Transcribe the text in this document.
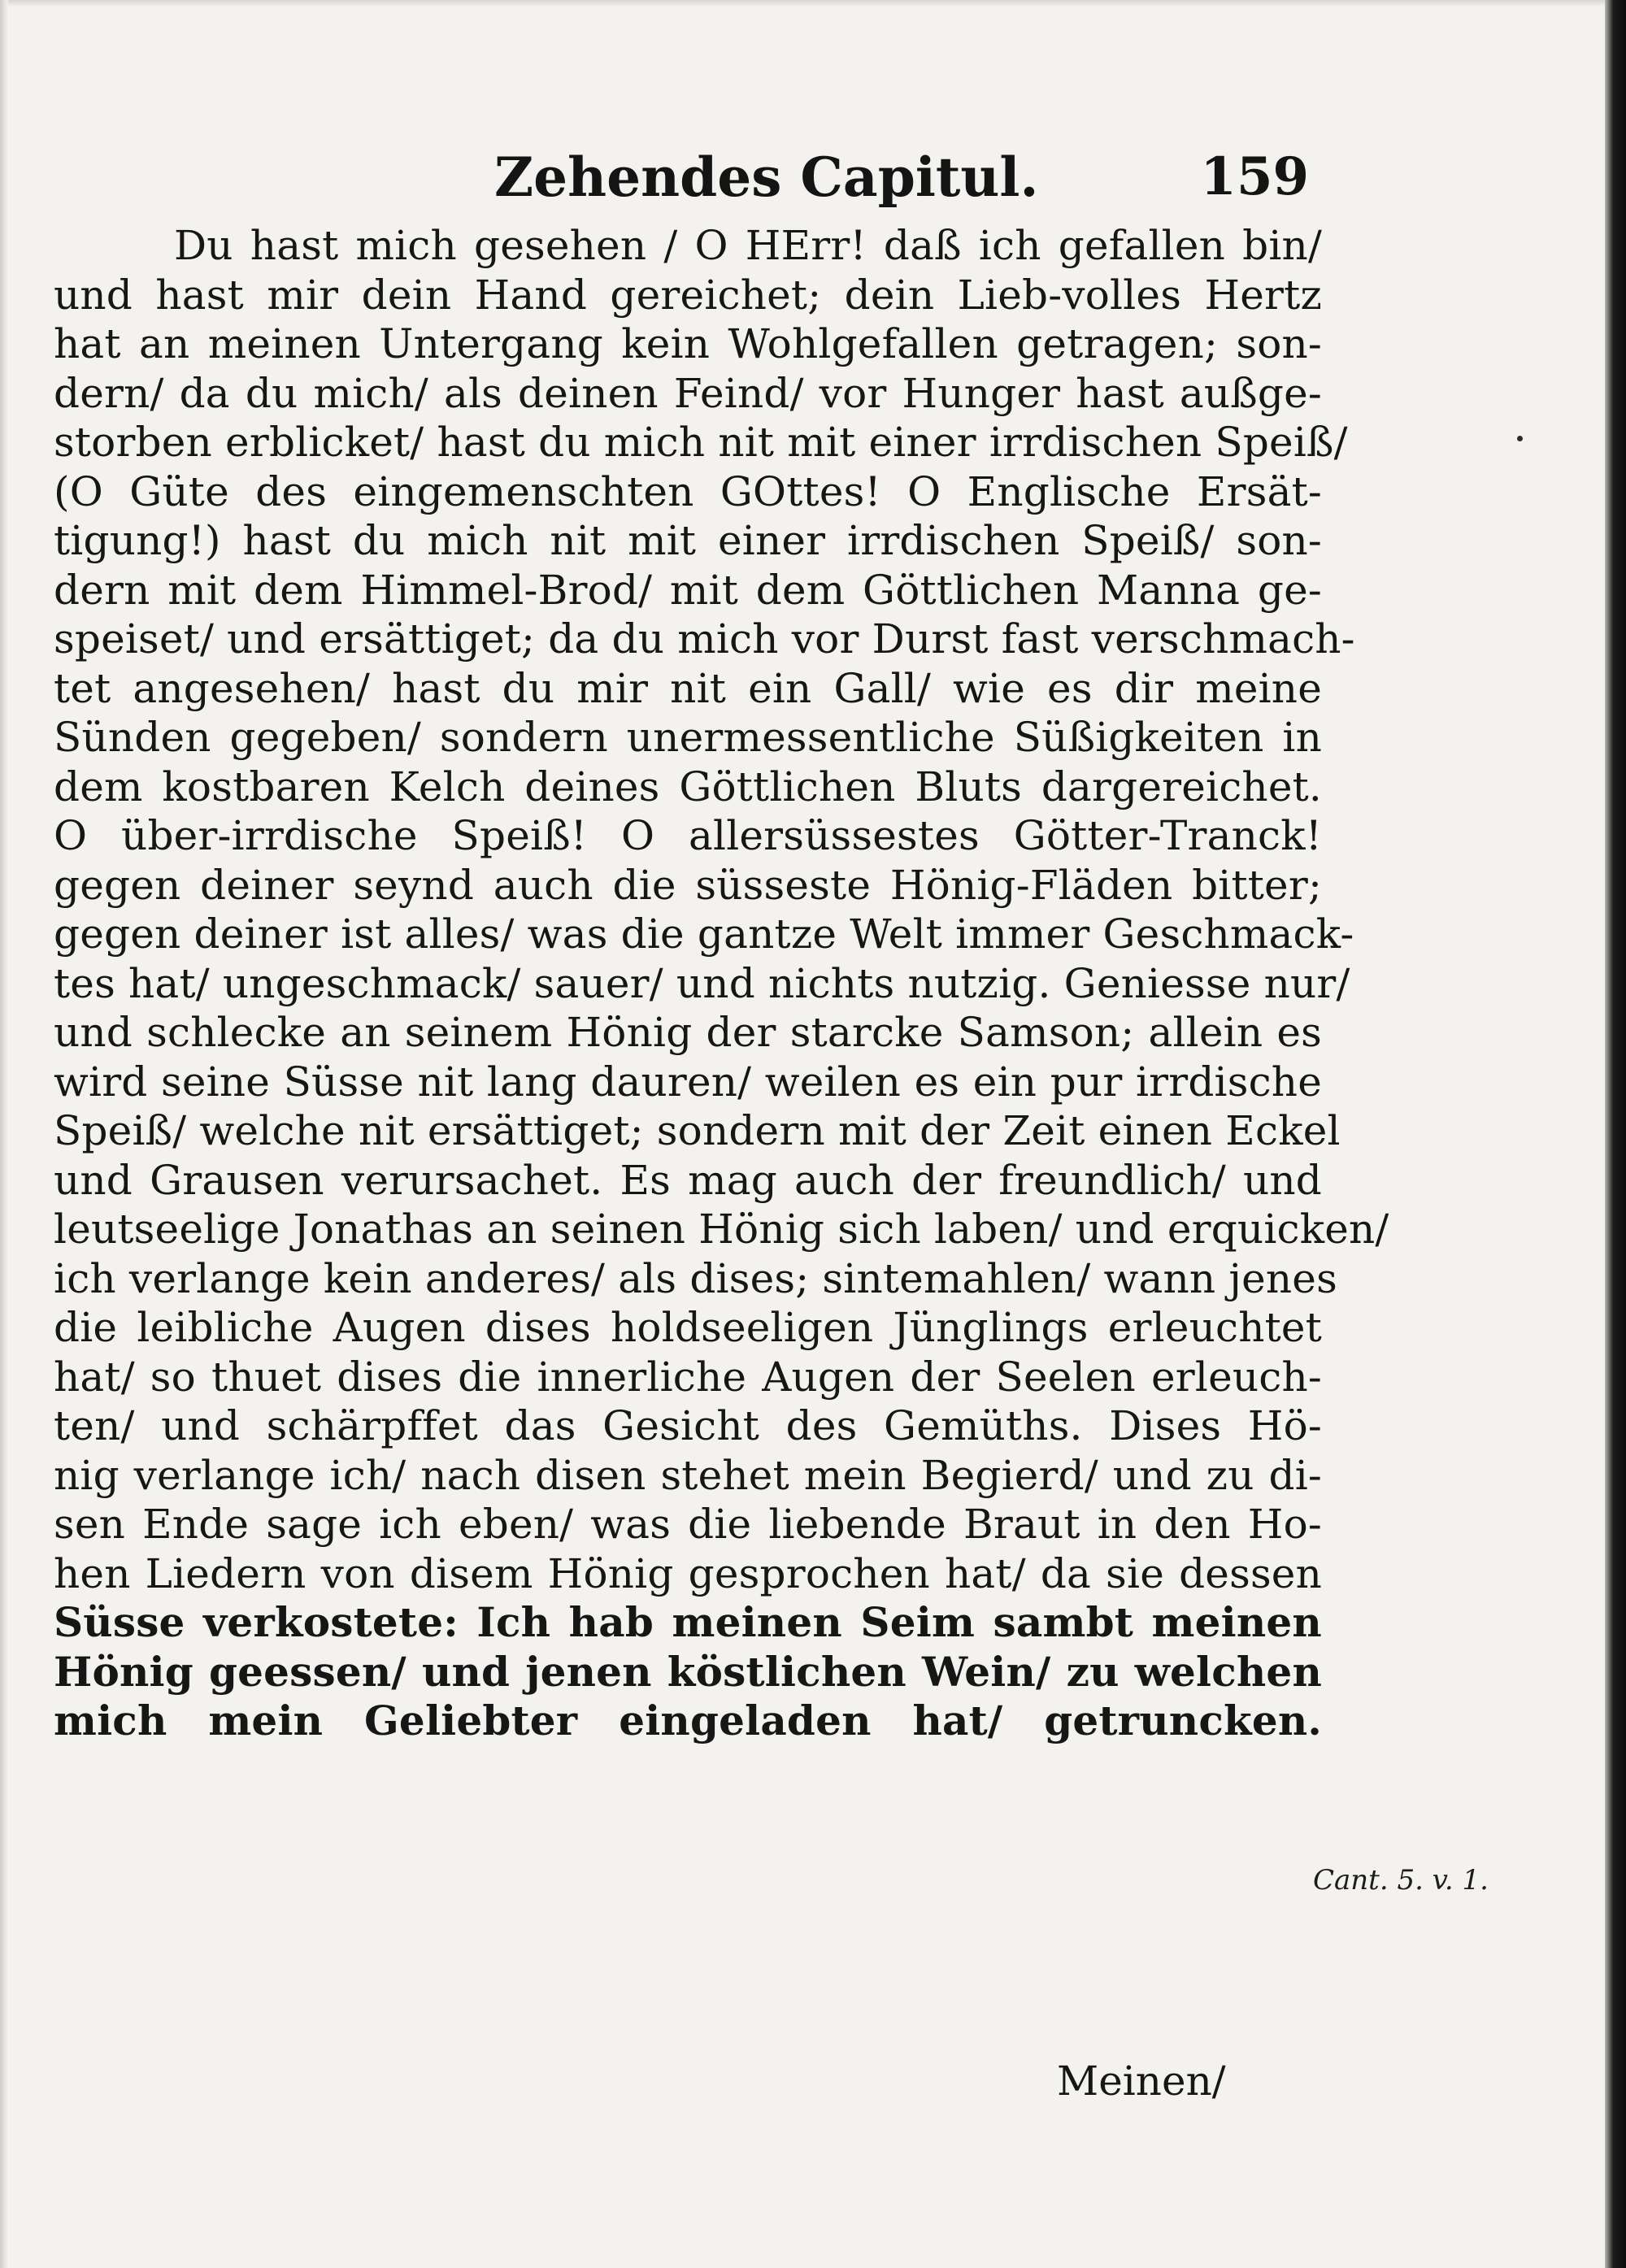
Zehendes Capitul.	159
Du hast mich gesehen / O HErr! daß ich gefallen bin/
und hast mir dein Hand gereichet; dein Lieb-volles Hertz
hat an meinen Untergang kein Wohlgefallen getragen; son-
dern/ da du mich/ als deinen Feind/ vor Hunger hast außge-
storben erblicket/ hast du mich nit mit einer irrdischen Speiß/
(O Güte des eingemenschten GOttes! O Englische Ersät-
tigung!) hast du mich nit mit einer irrdischen Speiß/ son-
dern mit dem Himmel-Brod/ mit dem Göttlichen Manna ge-
speiset/ und ersättiget; da du mich vor Durst fast verschmach-
tet angesehen/ hast du mir nit ein Gall/ wie es dir meine
Sünden gegeben/ sondern unermessentliche Süßigkeiten in
dem kostbaren Kelch deines Göttlichen Bluts dargereichet.
O über-irrdische Speiß! O allersüssestes Götter-Tranck!
gegen deiner seynd auch die süsseste Hönig-Fläden bitter;
gegen deiner ist alles/ was die gantze Welt immer Geschmack-
tes hat/ ungeschmack/ sauer/ und nichts nutzig. Geniesse nur/
und schlecke an seinem Hönig der starcke Samson; allein es
wird seine Süsse nit lang dauren/ weilen es ein pur irrdische
Speiß/ welche nit ersättiget; sondern mit der Zeit einen Eckel
und Grausen verursachet. Es mag auch der freundlich/ und
leutseelige Jonathas an seinen Hönig sich laben/ und erquicken/
ich verlange kein anderes/ als dises; sintemahlen/ wann jenes
die leibliche Augen dises holdseeligen Jünglings erleuchtet
hat/ so thuet dises die innerliche Augen der Seelen erleuch-
ten/ und schärpffet das Gesicht des Gemüths. Dises Hö-
nig verlange ich/ nach disen stehet mein Begierd/ und zu di-
sen Ende sage ich eben/ was die liebende Braut in den Ho-
hen Liedern von disem Hönig gesprochen hat/ da sie dessen
Süsse verkostete: Ich hab meinen Seim sambt meinen
Hönig geessen/ und jenen köstlichen Wein/ zu welchen
mich mein Geliebter eingeladen hat/ getruncken.
Cant. 5. v. 1.
Meinen/
